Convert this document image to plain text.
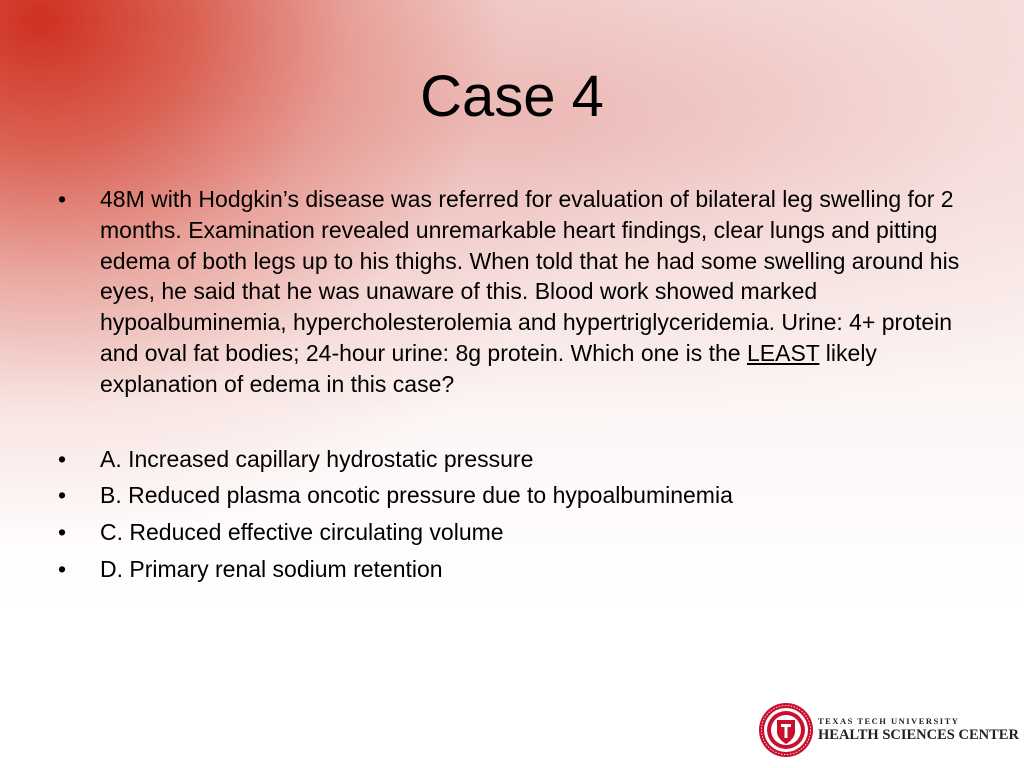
Case 4
• 48M with Hodgkin’s disease was referred for evaluation of bilateral leg swelling for 2 months. Examination revealed unremarkable heart findings, clear lungs and pitting edema of both legs up to his thighs. When told that he had some swelling around his eyes, he said that he was unaware of this. Blood work showed marked hypoalbuminemia, hypercholesterolemia and hypertriglyceridemia. Urine: 4+ protein and oval fat bodies; 24-hour urine: 8g protein. Which one is the LEAST likely explanation of edema in this case?
• A. Increased capillary hydrostatic pressure
• B. Reduced plasma oncotic pressure due to hypoalbuminemia
• C. Reduced effective circulating volume
• D. Primary renal sodium retention
TEXAS TECH UNIVERSITY
HEALTH SCIENCES CENTER
